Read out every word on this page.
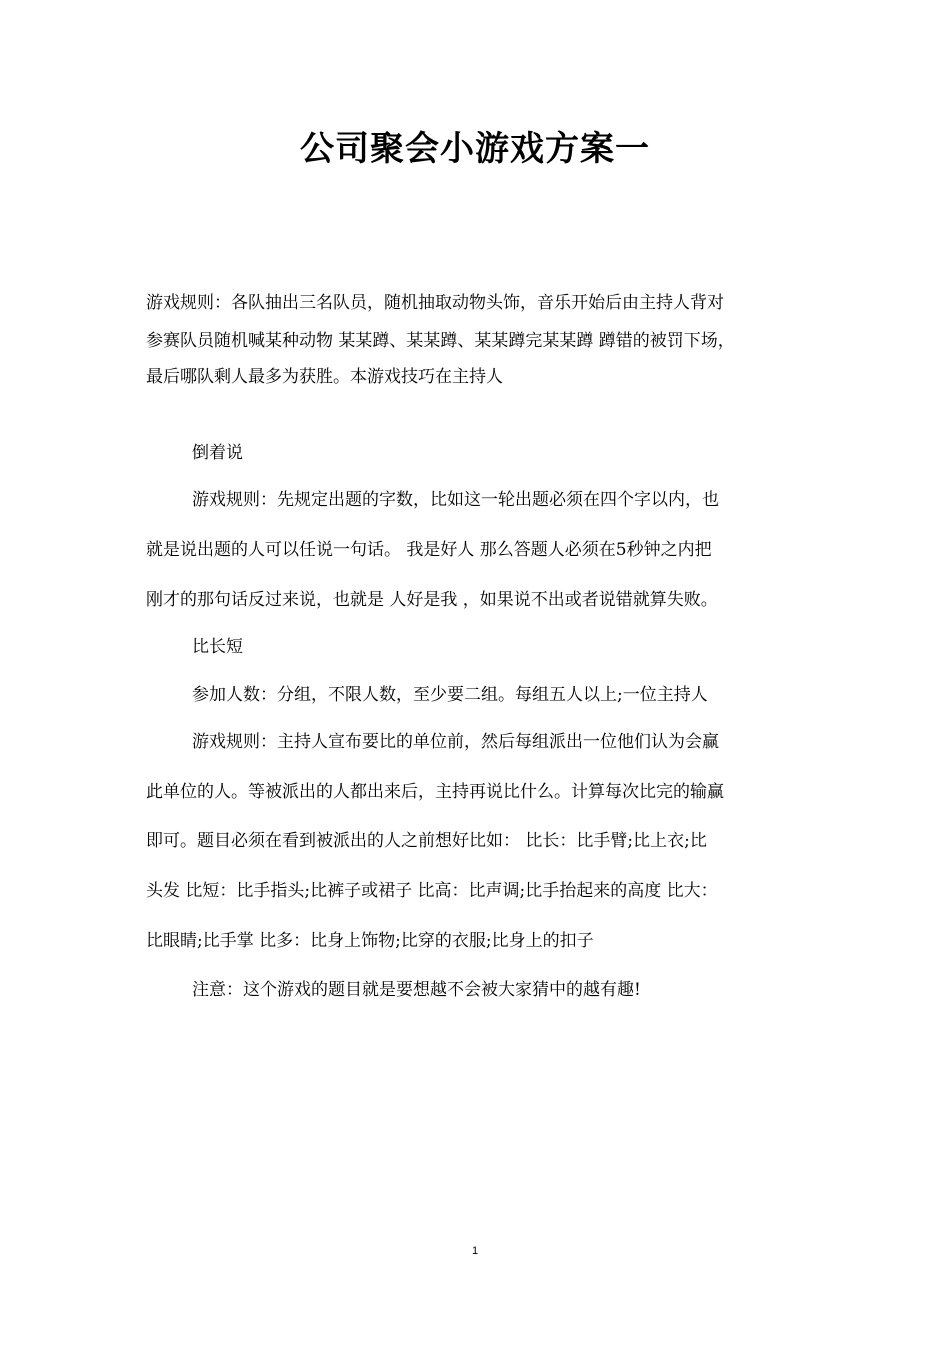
公司聚会小游戏方案一
游戏规则：各队抽出三名队员，随机抽取动物头饰，音乐开始后由主持人背对
参赛队员随机喊某种动物 某某蹲、某某蹲、某某蹲完某某蹲 蹲错的被罚下场，
最后哪队剩人最多为获胜。本游戏技巧在主持人
倒着说
游戏规则：先规定出题的字数，比如这一轮出题必须在四个字以内，也
就是说出题的人可以任说一句话。 我是好人 那么答题人必须在5秒钟之内把
刚才的那句话反过来说，也就是 人好是我 ，如果说不出或者说错就算失败。
比长短
参加人数：分组，不限人数，至少要二组。每组五人以上;一位主持人
游戏规则：主持人宣布要比的单位前，然后每组派出一位他们认为会赢
此单位的人。等被派出的人都出来后，主持再说比什么。计算每次比完的输赢
即可。题目必须在看到被派出的人之前想好比如： 比长：比手臂;比上衣;比
头发 比短：比手指头;比裤子或裙子 比高：比声调;比手抬起来的高度 比大：
比眼睛;比手掌 比多：比身上饰物;比穿的衣服;比身上的扣子
注意：这个游戏的题目就是要想越不会被大家猜中的越有趣!
1
